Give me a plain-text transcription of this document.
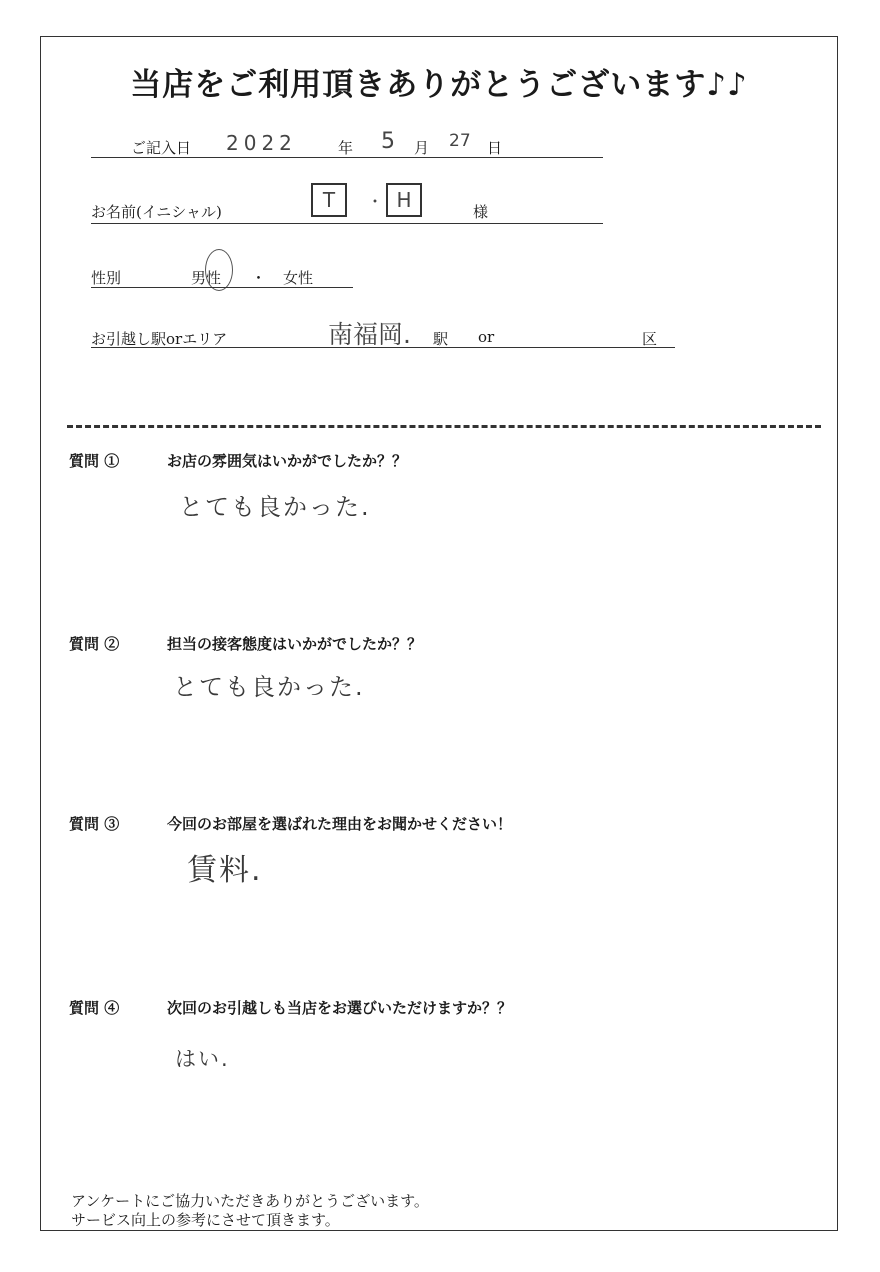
当店をご利用頂きありがとうございます♪♪
ご記入日 2022	年 5 月 27 日
お名前(イニシャル)	T ・ H	様
性別	男性 ・ 女性
お引越し駅orエリア	南福岡. 駅 or	区
質問 ①	お店の雰囲気はいかがでしたか？？
とても良かった.
質問 ②	担当の接客態度はいかがでしたか？？
とても良かった.
質問 ③	今回のお部屋を選ばれた理由をお聞かせください！
賃料.
質問 ④	次回のお引越しも当店をお選びいただけますか？？
はい.
アンケートにご協力いただきありがとうございます。
サービス向上の参考にさせて頂きます。
